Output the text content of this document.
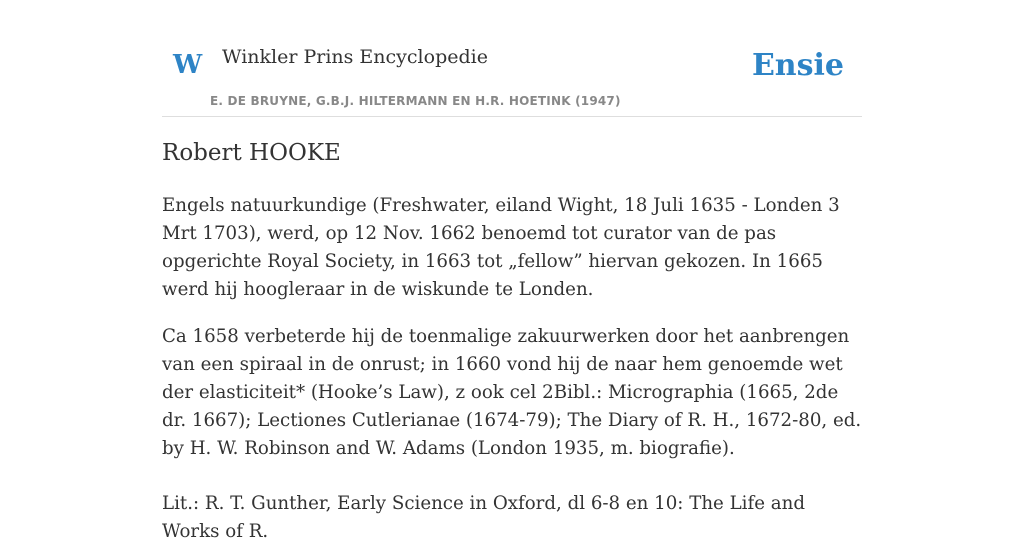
W Winkler Prins Encyclopedie
E. DE BRUYNE, G.B.J. HILTERMANN EN H.R. HOETINK (1947)
Ensie
Robert HOOKE

Engels natuurkundige (Freshwater, eiland Wight, 18 Juli 1635 - Londen 3 Mrt 1703), werd, op 12 Nov. 1662 benoemd tot curator van de pas opgerichte Royal Society, in 1663 tot „fellow” hiervan gekozen. In 1665 werd hij hoogleraar in de wiskunde te Londen.

Ca 1658 verbeterde hij de toenmalige zakuurwerken door het aanbrengen van een spiraal in de onrust; in 1660 vond hij de naar hem genoemde wet der elasticiteit* (Hooke’s Law), z ook cel 2Bibl.: Micrographia (1665, 2de dr. 1667); Lectiones Cutlerianae (1674-79); The Diary of R. H., 1672-80, ed. by H. W. Robinson and W. Adams (London 1935, m. biografie).

Lit.: R. T. Gunther, Early Science in Oxford, dl 6-8 en 10: The Life and Works of R.
